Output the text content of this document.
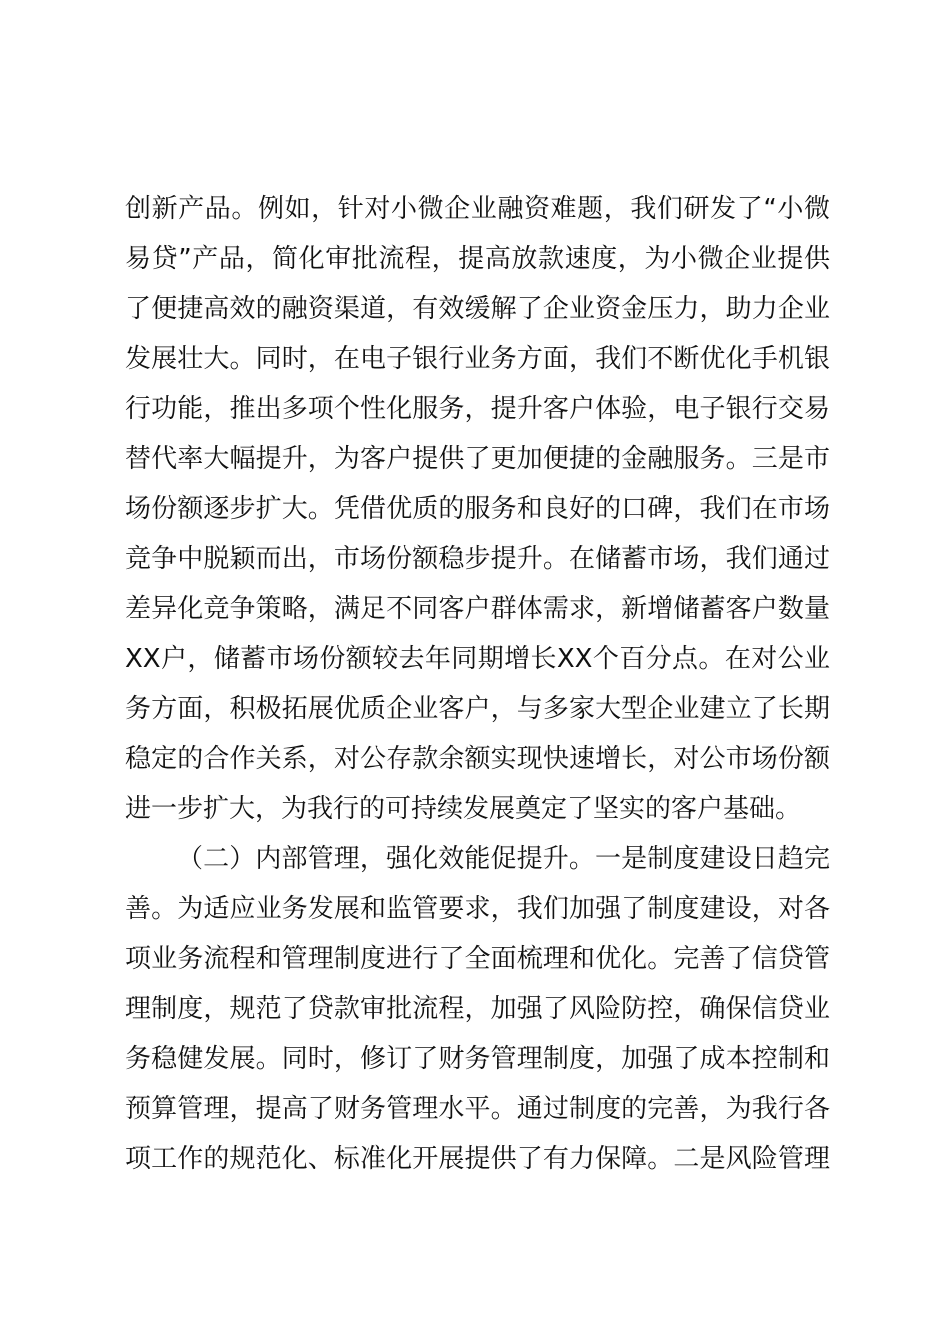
创新产品。例如，针对小微企业融资难题，我们研发了“小微
易贷”产品，简化审批流程，提高放款速度，为小微企业提供
了便捷高效的融资渠道，有效缓解了企业资金压力，助力企业
发展壮大。同时，在电子银行业务方面，我们不断优化手机银
行功能，推出多项个性化服务，提升客户体验，电子银行交易
替代率大幅提升，为客户提供了更加便捷的金融服务。三是市
场份额逐步扩大。凭借优质的服务和良好的口碑，我们在市场
竞争中脱颖而出，市场份额稳步提升。在储蓄市场，我们通过
差异化竞争策略，满足不同客户群体需求，新增储蓄客户数量
XX户，储蓄市场份额较去年同期增长XX个百分点。在对公业
务方面，积极拓展优质企业客户，与多家大型企业建立了长期
稳定的合作关系，对公存款余额实现快速增长，对公市场份额
进一步扩大，为我行的可持续发展奠定了坚实的客户基础。
（二）内部管理，强化效能促提升。一是制度建设日趋完
善。为适应业务发展和监管要求，我们加强了制度建设，对各
项业务流程和管理制度进行了全面梳理和优化。完善了信贷管
理制度，规范了贷款审批流程，加强了风险防控，确保信贷业
务稳健发展。同时，修订了财务管理制度，加强了成本控制和
预算管理，提高了财务管理水平。通过制度的完善，为我行各
项工作的规范化、标准化开展提供了有力保障。二是风险管理
